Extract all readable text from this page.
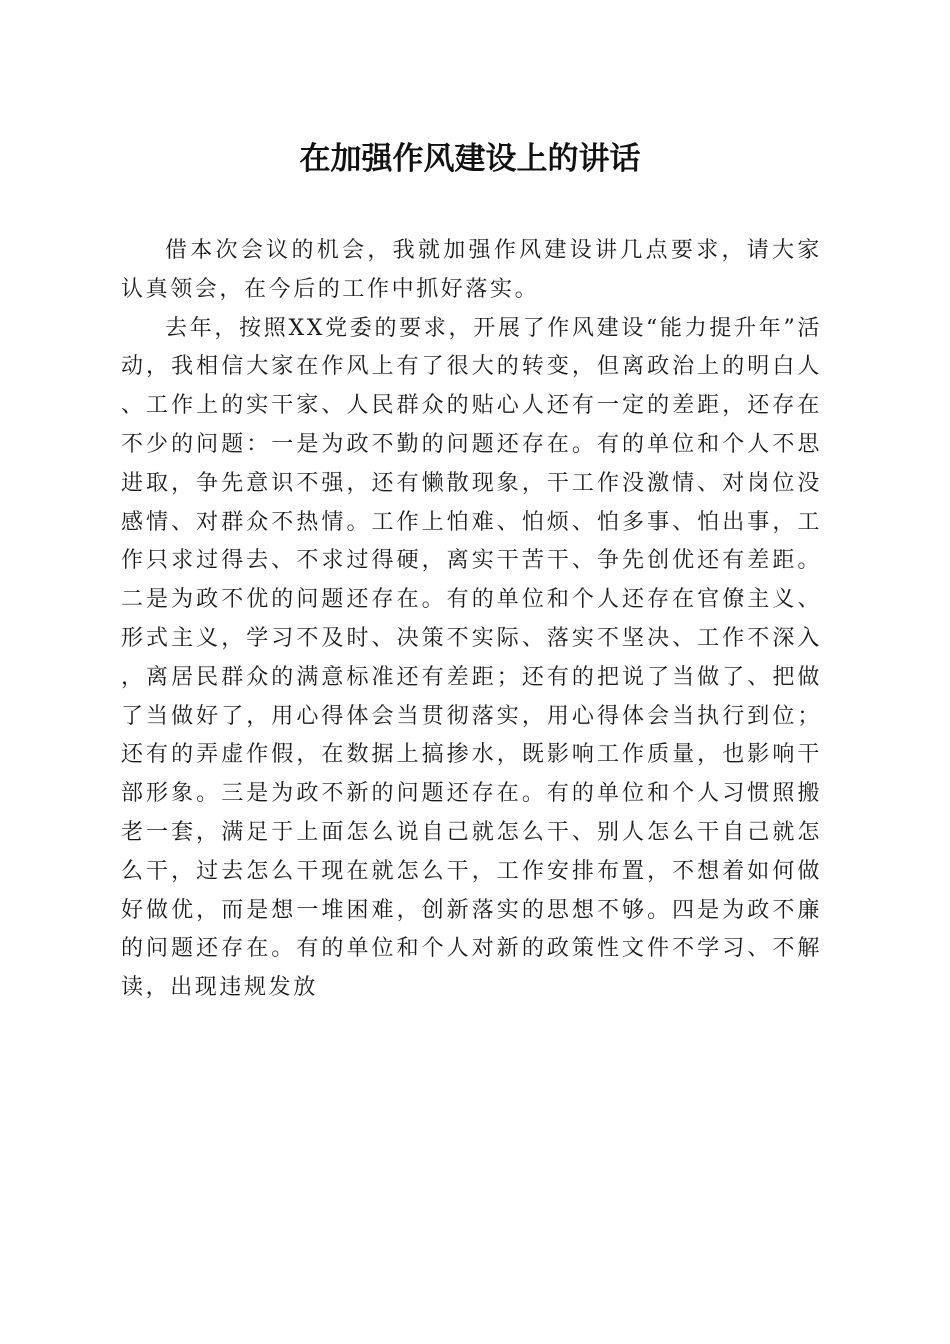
在加强作风建设上的讲话

借本次会议的机会，我就加强作风建设讲几点要求，请大家认真领会，在今后的工作中抓好落实。

去年，按照XX党委的要求，开展了作风建设“能力提升年”活动，我相信大家在作风上有了很大的转变，但离政治上的明白人、工作上的实干家、人民群众的贴心人还有一定的差距，还存在不少的问题：一是为政不勤的问题还存在。有的单位和个人不思进取，争先意识不强，还有懒散现象，干工作没激情、对岗位没感情、对群众不热情。工作上怕难、怕烦、怕多事、怕出事，工作只求过得去、不求过得硬，离实干苦干、争先创优还有差距。二是为政不优的问题还存在。有的单位和个人还存在官僚主义、形式主义，学习不及时、决策不实际、落实不坚决、工作不深入，离居民群众的满意标准还有差距；还有的把说了当做了、把做了当做好了，用心得体会当贯彻落实，用心得体会当执行到位；还有的弄虚作假，在数据上搞掺水，既影响工作质量，也影响干部形象。三是为政不新的问题还存在。有的单位和个人习惯照搬老一套，满足于上面怎么说自己就怎么干、别人怎么干自己就怎么干，过去怎么干现在就怎么干，工作安排布置，不想着如何做好做优，而是想一堆困难，创新落实的思想不够。四是为政不廉的问题还存在。有的单位和个人对新的政策性文件不学习、不解读，出现违规发放
